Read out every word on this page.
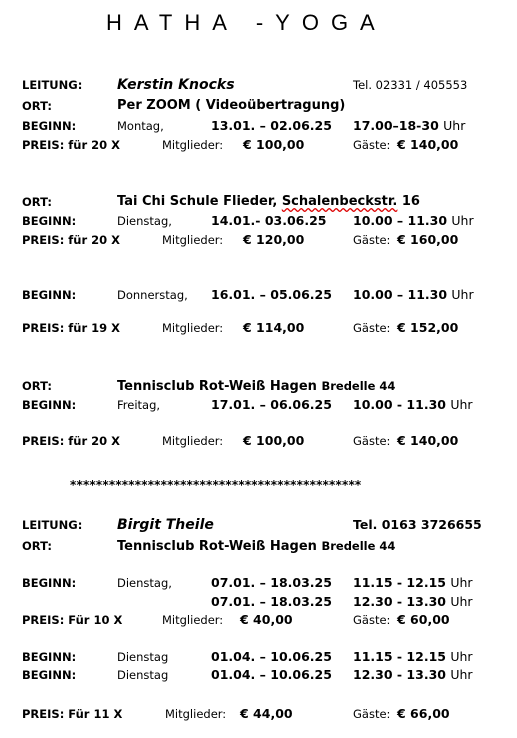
HATHA -YOGA
LEITUNG: Kerstin Knocks	Tel. 02331 / 405553
ORT:	Per ZOOM ( Videoübertragung)
BEGINN:	Montag,	13.01. – 02.06.25 17.00–18-30 Uhr
PREIS: für 20 X	Mitglieder: € 100,00	Gäste: € 140,00
ORT:	Tai Chi Schule Flieder, Schalenbeckstr. 16
BEGINN:	Dienstag,	14.01.- 03.06.25 10.00 – 11.30 Uhr
PREIS: für 20 X	Mitglieder: € 120,00	Gäste: € 160,00
BEGINN:	Donnerstag, 16.01. – 05.06.25 10.00 – 11.30 Uhr
PREIS: für 19 X	Mitglieder: € 114,00	Gäste: € 152,00
ORT:	Tennisclub Rot-Weiß Hagen Bredelle 44
BEGINN:	Freitag,	17.01. – 06.06.25 10.00 - 11.30 Uhr
PREIS: für 20 X	Mitglieder: € 100,00	Gäste: € 140,00
*********************************************
LEITUNG: Birgit Theile	Tel. 0163 3726655
ORT:	Tennisclub Rot-Weiß Hagen Bredelle 44
BEGINN:	Dienstag,	07.01. – 18.03.25 11.15 - 12.15 Uhr
07.01. – 18.03.25 12.30 - 13.30 Uhr
PREIS: Für 10 X	Mitglieder: € 40,00	Gäste: € 60,00
BEGINN:	Dienstag	01.04. – 10.06.25 11.15 - 12.15 Uhr
BEGINN:	Dienstag	01.04. – 10.06.25 12.30 - 13.30 Uhr
PREIS: Für 11 X	Mitglieder: € 44,00	Gäste: € 66,00
